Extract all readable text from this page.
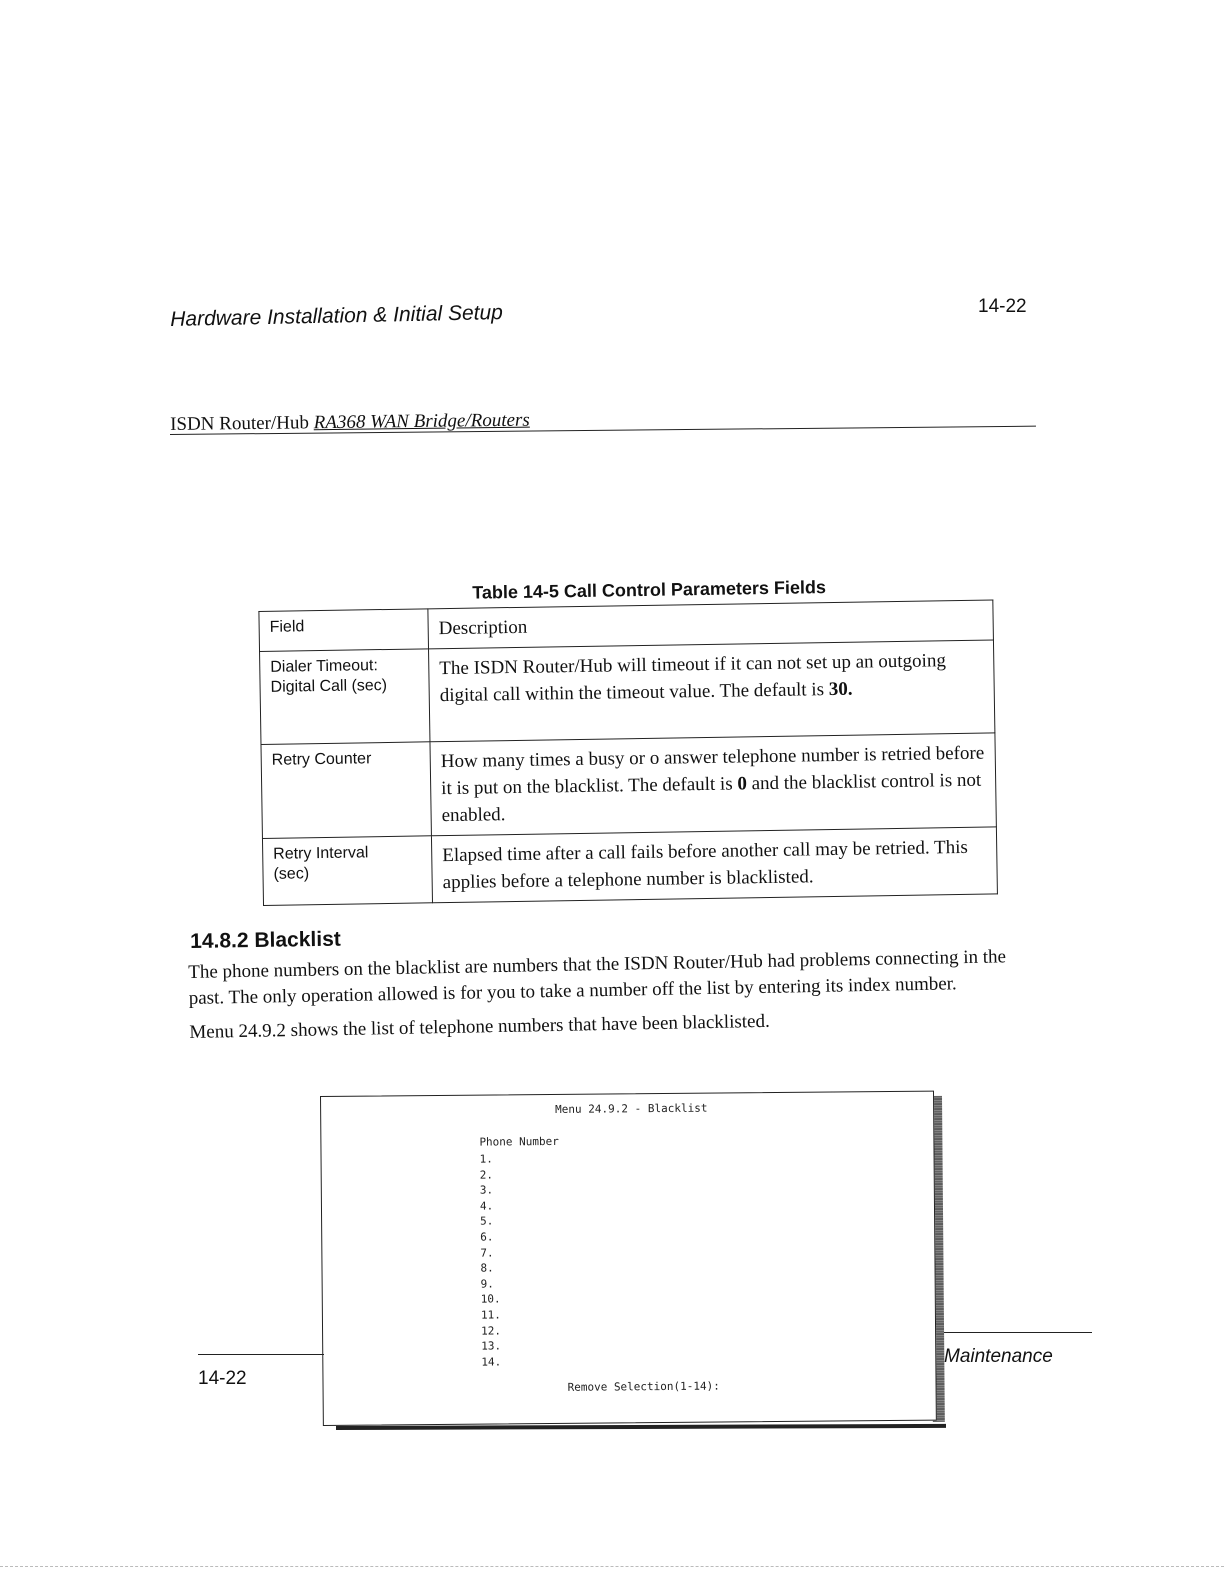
Hardware Installation & Initial Setup	14-22
ISDN Router/Hub RA368 WAN Bridge/Routers
Table 14-5 Call Control Parameters Fields
Field	Description

Dialer Timeout:
Digital Call (sec)	The ISDN Router/Hub will timeout if it can not set up an outgoing digital call within the timeout value. The default is 30.

Retry Counter	How many times a busy or o answer telephone number is retried before it is put on the blacklist. The default is 0 and the blacklist control is not enabled.

Retry Interval
(sec)	Elapsed time after a call fails before another call may be retried. This applies before a telephone number is blacklisted.
14.8.2 Blacklist

The phone numbers on the blacklist are numbers that the ISDN Router/Hub had problems connecting in the past. The only operation allowed is for you to take a number off the list by entering its index number.

Menu 24.9.2 shows the list of telephone numbers that have been blacklisted.

Menu 24.9.2 - Blacklist
Phone Number
1.
2.
3.
4.
5.
6.
7.
8.
9.
10.
11.
12.
13.
14.
Remove Selection(1-14):
14-22
Maintenance
